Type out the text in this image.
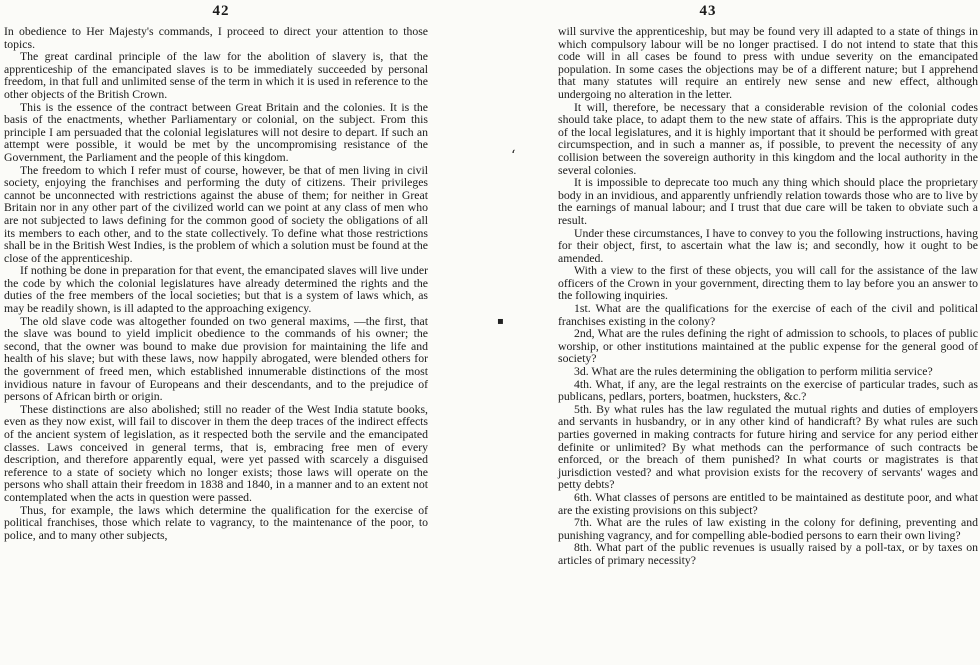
42

In obedience to Her Majesty's commands, I proceed to direct your attention to those topics.

The great cardinal principle of the law for the abolition of slavery is, that the apprenticeship of the emancipated slaves is to be immediately succeeded by personal freedom, in that full and unlimited sense of the term in which it is used in reference to the other objects of the British Crown.

This is the essence of the contract between Great Britain and the colonies. It is the basis of the enactments, whether Parliamentary or colonial, on the subject. From this principle I am persuaded that the colonial legislatures will not desire to depart. If such an attempt were possible, it would be met by the uncompromising resistance of the Government, the Parliament and the people of this kingdom.

The freedom to which I refer must of course, however, be that of men living in civil society, enjoying the franchises and performing the duty of citizens. Their privileges cannot be unconnected with restrictions against the abuse of them; for neither in Great Britain nor in any other part of the civilized world can we point at any class of men who are not subjected to laws defining for the common good of society the obligations of all its members to each other, and to the state collectively. To define what those restrictions shall be in the British West Indies, is the problem of which a solution must be found at the close of the apprenticeship.

If nothing be done in preparation for that event, the emancipated slaves will live under the code by which the colonial legislatures have already determined the rights and the duties of the free members of the local societies; but that is a system of laws which, as may be readily shown, is ill adapted to the approaching exigency.

The old slave code was altogether founded on two general maxims, —the first, that the slave was bound to yield implicit obedience to the commands of his owner; the second, that the owner was bound to make due provision for maintaining the life and health of his slave; but with these laws, now happily abrogated, were blended others for the government of freed men, which established innumerable distinctions of the most invidious nature in favour of Europeans and their descendants, and to the prejudice of persons of African birth or origin.

These distinctions are also abolished; still no reader of the West India statute books, even as they now exist, will fail to discover in them the deep traces of the indirect effects of the ancient system of legislation, as it respected both the servile and the emancipated classes. Laws conceived in general terms, that is, embracing free men of every description, and therefore apparently equal, were yet passed with scarcely a disguised reference to a state of society which no longer exists; those laws will operate on the persons who shall attain their freedom in 1838 and 1840, in a manner and to an extent not contemplated when the acts in question were passed.

Thus, for example, the laws which determine the qualification for the exercise of political franchises, those which relate to vagrancy, to the maintenance of the poor, to police, and to many other subjects,

ʻ
▪
43

will survive the apprenticeship, but may be found very ill adapted to a state of things in which compulsory labour will be no longer practised. I do not intend to state that this code will in all cases be found to press with undue severity on the emancipated population. In some cases the objections may be of a different nature; but I apprehend that many statutes will require an entirely new sense and new effect, although undergoing no alteration in the letter.

It will, therefore, be necessary that a considerable revision of the colonial codes should take place, to adapt them to the new state of affairs. This is the appropriate duty of the local legislatures, and it is highly important that it should be performed with great circumspection, and in such a manner as, if possible, to prevent the necessity of any collision between the sovereign authority in this kingdom and the local authority in the several colonies.

It is impossible to deprecate too much any thing which should place the proprietary body in an invidious, and apparently unfriendly relation towards those who are to live by the earnings of manual labour; and I trust that due care will be taken to obviate such a result.

Under these circumstances, I have to convey to you the following instructions, having for their object, first, to ascertain what the law is; and secondly, how it ought to be amended.

With a view to the first of these objects, you will call for the assistance of the law officers of the Crown in your government, directing them to lay before you an answer to the following inquiries.

1st. What are the qualifications for the exercise of each of the civil and political franchises existing in the colony?

2nd, What are the rules defining the right of admission to schools, to places of public worship, or other institutions maintained at the public expense for the general good of society?

3d. What are the rules determining the obligation to perform militia service?

4th. What, if any, are the legal restraints on the exercise of particular trades, such as publicans, pedlars, porters, boatmen, hucksters, &c.?

5th. By what rules has the law regulated the mutual rights and duties of employers and servants in husbandry, or in any other kind of handicraft? By what rules are such parties governed in making contracts for future hiring and service for any period either definite or unlimited? By what methods can the performance of such contracts be enforced, or the breach of them punished? In what courts or magistrates is that jurisdiction vested? and what provision exists for the recovery of servants' wages and petty debts?

6th. What classes of persons are entitled to be maintained as destitute poor, and what are the existing provisions on this subject?

7th. What are the rules of law existing in the colony for defining, preventing and punishing vagrancy, and for compelling able-bodied persons to earn their own living?

8th. What part of the public revenues is usually raised by a poll-tax, or by taxes on articles of primary necessity?
